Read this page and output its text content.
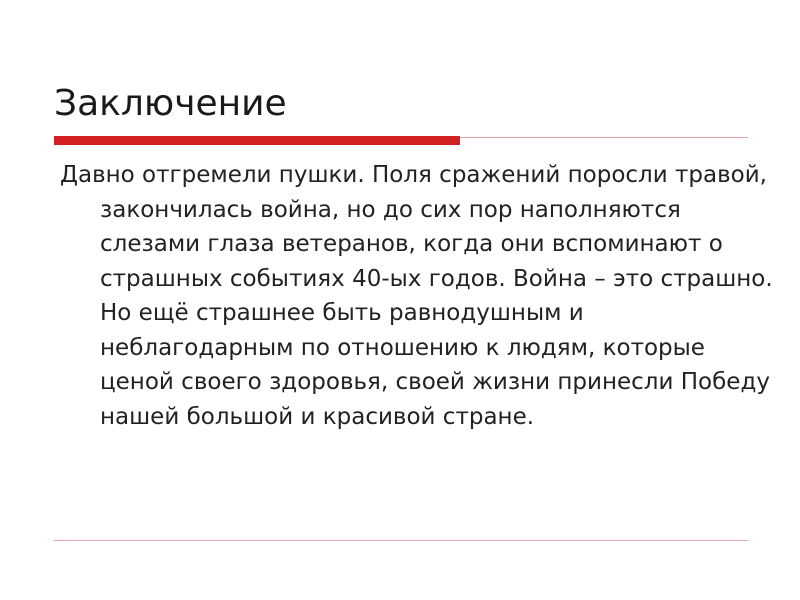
Заключение

Давно отгремели пушки. Поля сражений поросли травой, закончилась война, но до сих пор наполняются слезами глаза ветеранов, когда они вспоминают о страшных событиях 40-ых годов. Война – это страшно. Но ещё страшнее быть равнодушным и неблагодарным по отношению к людям, которые ценой своего здоровья, своей жизни принесли Победу нашей большой и красивой стране.
